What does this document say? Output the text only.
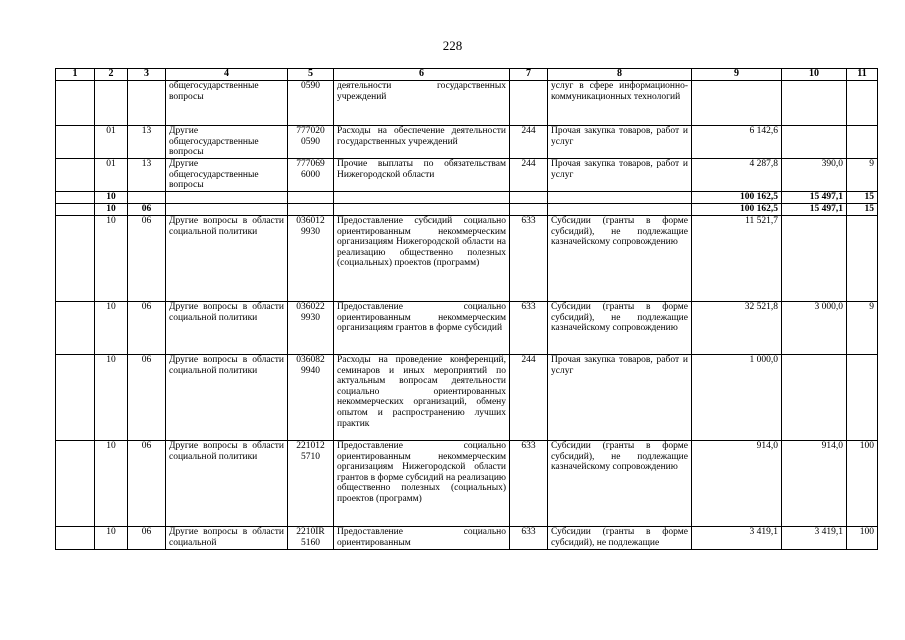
228
1	2	3	4	5	6	7	8	9	10	11
			общегосударственные вопросы	0590	деятельности государственных учреждений		услуг в сфере информационно-коммуникационных технологий			
	01	13	Другие общегосударственные вопросы	777020 0590	Расходы на обеспечение деятельности государственных учреждений	244	Прочая закупка товаров, работ и услуг	6 142,6		
	01	13	Другие общегосударственные вопросы	777069 6000	Прочие выплаты по обязательствам Нижегородской области	244	Прочая закупка товаров, работ и услуг	4 287,8	390,0	9
	10							100 162,5	15 497,1	15
	10	06						100 162,5	15 497,1	15
	10	06	Другие вопросы в области социальной политики	036012 9930	Предоставление субсидий социально ориентированным некоммерческим организациям Нижегородской области на реализацию общественно полезных (социальных) проектов (программ)	633	Субсидии (гранты в форме субсидий), не подлежащие казначейскому сопровождению	11 521,7		
	10	06	Другие вопросы в области социальной политики	036022 9930	Предоставление социально ориентированным некоммерческим организациям грантов в форме субсидий	633	Субсидии (гранты в форме субсидий), не подлежащие казначейскому сопровождению	32 521,8	3 000,0	9
	10	06	Другие вопросы в области социальной политики	036082 9940	Расходы на проведение конференций, семинаров и иных мероприятий по актуальным вопросам деятельности социально ориентированных некоммерческих организаций, обмену опытом и распространению лучших практик	244	Прочая закупка товаров, работ и услуг	1 000,0		
	10	06	Другие вопросы в области социальной политики	221012 5710	Предоставление социально ориентированным некоммерческим организациям Нижегородской области грантов в форме субсидий на реализацию общественно полезных (социальных) проектов (программ)	633	Субсидии (гранты в форме субсидий), не подлежащие казначейскому сопровождению	914,0	914,0	100
	10	06	Другие вопросы в области социальной	2210IR 5160	Предоставление социально ориентированным	633	Субсидии (гранты в форме субсидий), не подлежащие	3 419,1	3 419,1	100
